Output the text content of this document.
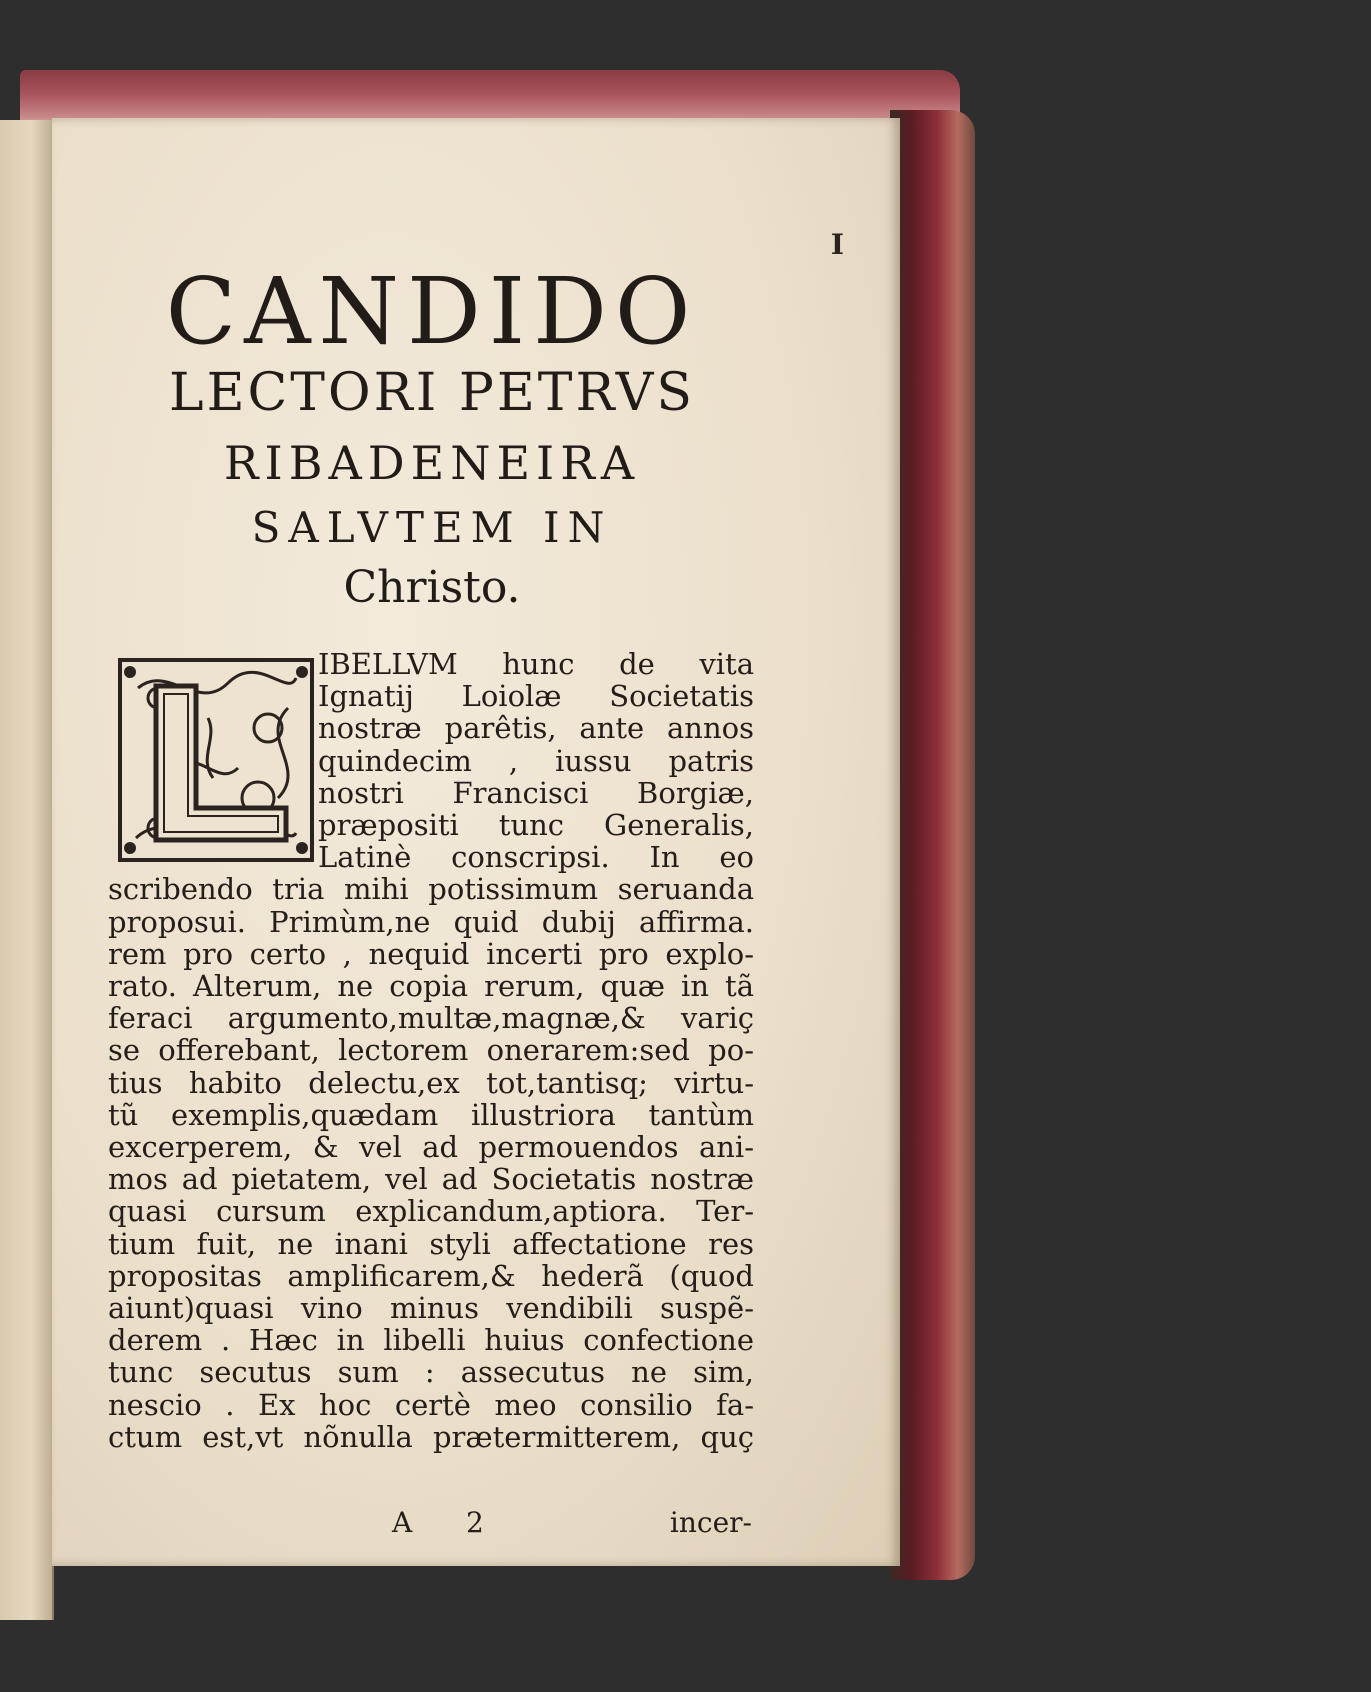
I
CANDIDO
LECTORI PETRVS
RIBADENEIRA
SALVTEM IN
Christo.
IBELLVM hunc de vita
Ignatij Loiolæ Societatis
nostræ parêtis, ante annos
quindecim , iussu patris
nostri Francisci Borgiæ,
præpositi tunc Generalis,
Latinè conscripsi. In eo
scribendo tria mihi potissimum seruanda
proposui. Primùm,ne quid dubij affirma.
rem pro certo , nequid incerti pro explo-
rato. Alterum, ne copia rerum, quæ in tã
feraci argumento,multæ,magnæ,& variç
se offerebant, lectorem onerarem:sed po-
tius habito delectu,ex tot,tantisq; virtu-
tũ exemplis,quædam illustriora tantùm
excerperem, & vel ad permouendos ani-
mos ad pietatem, vel ad Societatis nostræ
quasi cursum explicandum,aptiora. Ter-
tium fuit, ne inani styli affectatione res
propositas amplificarem,& hederã (quod
aiunt)quasi vino minus vendibili suspẽ-
derem . Hæc in libelli huius confectione
tunc secutus sum : assecutus ne sim,
nescio . Ex hoc certè meo consilio fa-
ctum est,vt nõnulla prætermitterem, quç
A 2	incer-
